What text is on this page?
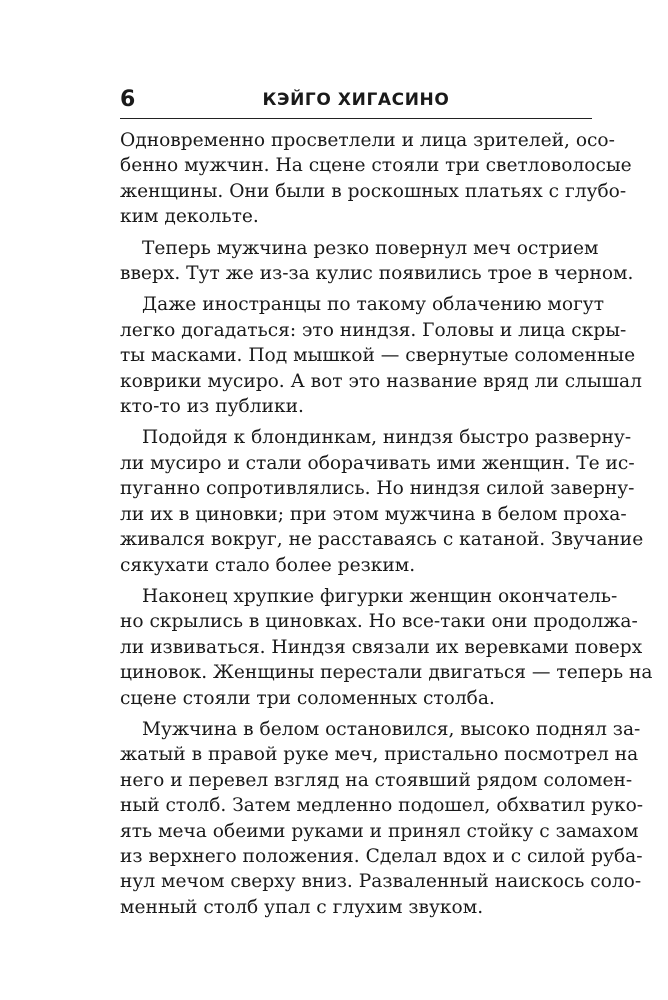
6	КЭЙГО ХИГАСИНО

Одновременно просветлели и лица зрителей, осо-
бенно мужчин. На сцене стояли три светловолосые
женщины. Они были в роскошных платьях с глубо-
ким декольте.

Теперь мужчина резко повернул меч острием
вверх. Тут же из-за кулис появились трое в черном.

Даже иностранцы по такому облачению могут
легко догадаться: это ниндзя. Головы и лица скры-
ты масками. Под мышкой — свернутые соломенные
коврики мусиро. А вот это название вряд ли слышал
кто-то из публики.

Подойдя к блондинкам, ниндзя быстро разверну-
ли мусиро и стали оборачивать ими женщин. Те ис-
пуганно сопротивлялись. Но ниндзя силой заверну-
ли их в циновки; при этом мужчина в белом проха-
живался вокруг, не расставаясь с катаной. Звучание
сякухати стало более резким.

Наконец хрупкие фигурки женщин окончатель-
но скрылись в циновках. Но все-таки они продолжа-
ли извиваться. Ниндзя связали их веревками поверх
циновок. Женщины перестали двигаться — теперь на
сцене стояли три соломенных столба.

Мужчина в белом остановился, высоко поднял за-
жатый в правой руке меч, пристально посмотрел на
него и перевел взгляд на стоявший рядом соломен-
ный столб. Затем медленно подошел, обхватил руко-
ять меча обеими руками и принял стойку с замахом
из верхнего положения. Сделал вдох и с силой руба-
нул мечом сверху вниз. Разваленный наискось соло-
менный столб упал с глухим звуком.
